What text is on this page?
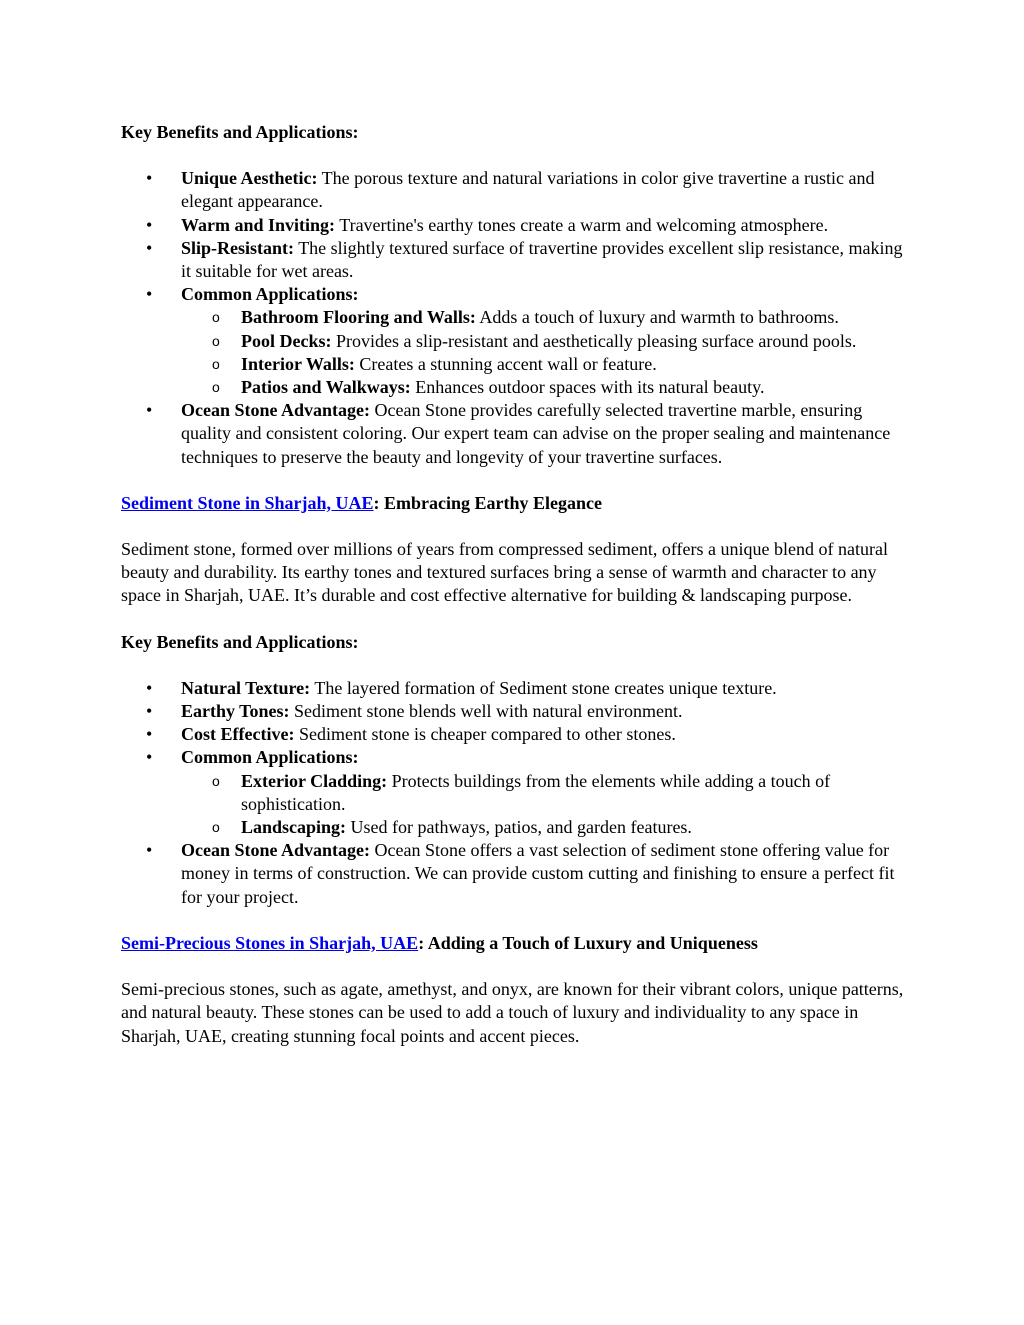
Key Benefits and Applications:

• Unique Aesthetic: The porous texture and natural variations in color give travertine a rustic and elegant appearance.
• Warm and Inviting: Travertine's earthy tones create a warm and welcoming atmosphere.
• Slip-Resistant: The slightly textured surface of travertine provides excellent slip resistance, making it suitable for wet areas.
• Common Applications:
o Bathroom Flooring and Walls: Adds a touch of luxury and warmth to bathrooms.
o Pool Decks: Provides a slip-resistant and aesthetically pleasing surface around pools.
o Interior Walls: Creates a stunning accent wall or feature.
o Patios and Walkways: Enhances outdoor spaces with its natural beauty.
• Ocean Stone Advantage: Ocean Stone provides carefully selected travertine marble, ensuring quality and consistent coloring. Our expert team can advise on the proper sealing and maintenance techniques to preserve the beauty and longevity of your travertine surfaces.

Sediment Stone in Sharjah, UAE: Embracing Earthy Elegance

Sediment stone, formed over millions of years from compressed sediment, offers a unique blend of natural beauty and durability. Its earthy tones and textured surfaces bring a sense of warmth and character to any space in Sharjah, UAE. It’s durable and cost effective alternative for building & landscaping purpose.

Key Benefits and Applications:

• Natural Texture: The layered formation of Sediment stone creates unique texture.
• Earthy Tones: Sediment stone blends well with natural environment.
• Cost Effective: Sediment stone is cheaper compared to other stones.
• Common Applications:
o Exterior Cladding: Protects buildings from the elements while adding a touch of sophistication.
o Landscaping: Used for pathways, patios, and garden features.
• Ocean Stone Advantage: Ocean Stone offers a vast selection of sediment stone offering value for money in terms of construction. We can provide custom cutting and finishing to ensure a perfect fit for your project.

Semi-Precious Stones in Sharjah, UAE: Adding a Touch of Luxury and Uniqueness

Semi-precious stones, such as agate, amethyst, and onyx, are known for their vibrant colors, unique patterns, and natural beauty. These stones can be used to add a touch of luxury and individuality to any space in Sharjah, UAE, creating stunning focal points and accent pieces.
